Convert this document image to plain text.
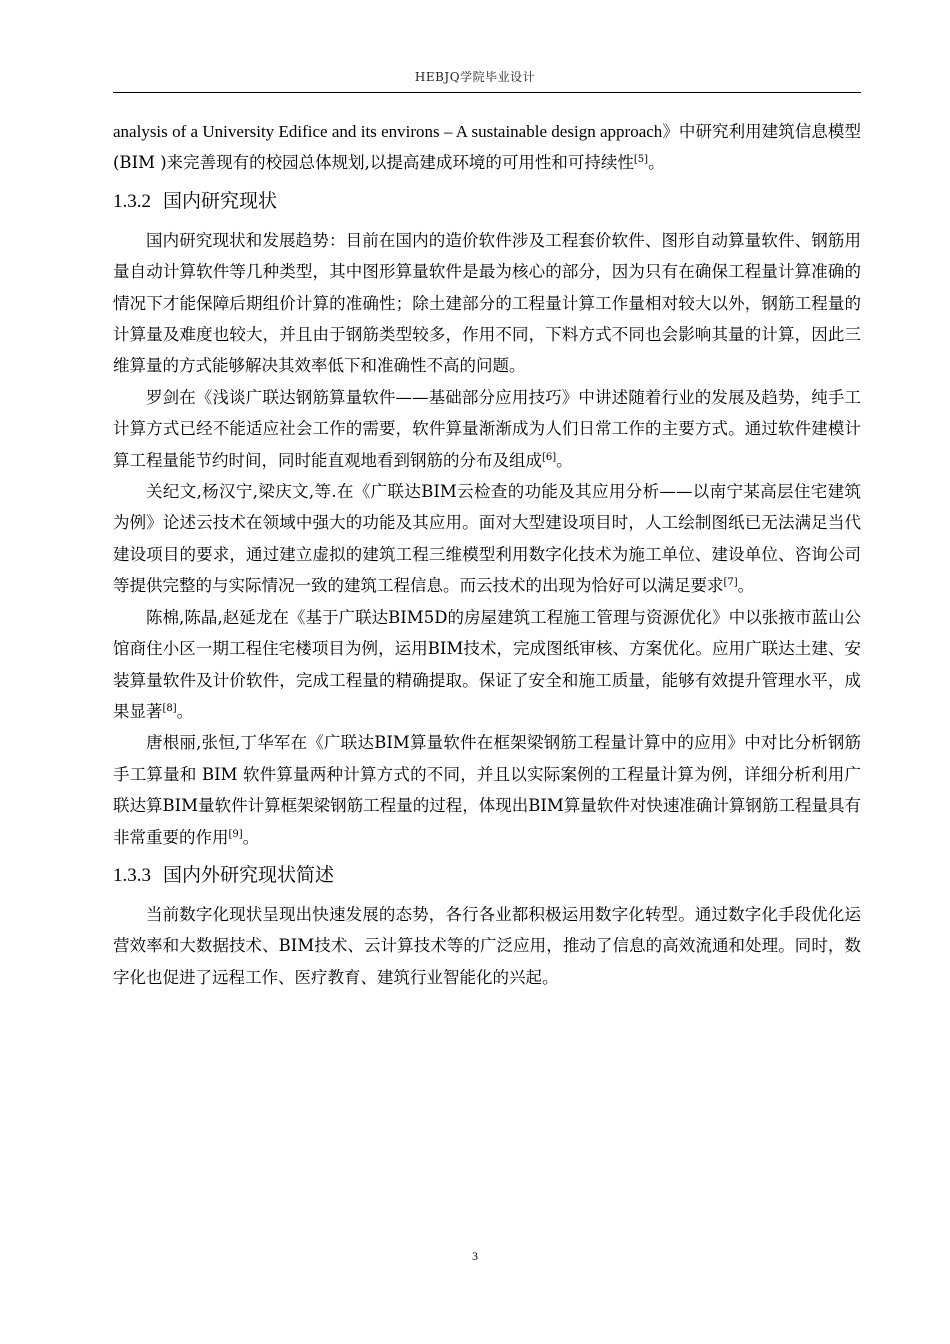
HEBJQ学院毕业设计

analysis of a University Edifice and its environs – A sustainable design approach》中研究利用建筑信息模型(BIM )来完善现有的校园总体规划,以提高建成环境的可用性和可持续性[5]。

1.3.2 国内研究现状

国内研究现状和发展趋势：目前在国内的造价软件涉及工程套价软件、图形自动算量软件、钢筋用量自动计算软件等几种类型，其中图形算量软件是最为核心的部分，因为只有在确保工程量计算准确的情况下才能保障后期组价计算的准确性；除土建部分的工程量计算工作量相对较大以外，钢筋工程量的计算量及难度也较大，并且由于钢筋类型较多，作用不同，下料方式不同也会影响其量的计算，因此三维算量的方式能够解决其效率低下和准确性不高的问题。

罗剑在《浅谈广联达钢筋算量软件——基础部分应用技巧》中讲述随着行业的发展及趋势，纯手工计算方式已经不能适应社会工作的需要，软件算量渐渐成为人们日常工作的主要方式。通过软件建模计算工程量能节约时间，同时能直观地看到钢筋的分布及组成[6]。

关纪文,杨汉宁,梁庆文,等.在《广联达BIM云检查的功能及其应用分析——以南宁某高层住宅建筑为例》论述云技术在领域中强大的功能及其应用。面对大型建设项目时，人工绘制图纸已无法满足当代建设项目的要求，通过建立虚拟的建筑工程三维模型利用数字化技术为施工单位、建设单位、咨询公司等提供完整的与实际情况一致的建筑工程信息。而云技术的出现为恰好可以满足要求[7]。

陈棉,陈晶,赵延龙在《基于广联达BIM5D的房屋建筑工程施工管理与资源优化》中以张掖市蓝山公馆商住小区一期工程住宅楼项目为例，运用BIM技术，完成图纸审核、方案优化。应用广联达土建、安装算量软件及计价软件，完成工程量的精确提取。保证了安全和施工质量，能够有效提升管理水平，成果显著[8]。

唐根丽,张恒,丁华军在《广联达BIM算量软件在框架梁钢筋工程量计算中的应用》中对比分析钢筋手工算量和 BIM 软件算量两种计算方式的不同，并且以实际案例的工程量计算为例，详细分析利用广联达算BIM量软件计算框架梁钢筋工程量的过程，体现出BIM算量软件对快速准确计算钢筋工程量具有非常重要的作用[9]。

1.3.3 国内外研究现状简述

当前数字化现状呈现出快速发展的态势，各行各业都积极运用数字化转型。通过数字化手段优化运营效率和大数据技术、BIM技术、云计算技术等的广泛应用，推动了信息的高效流通和处理。同时，数字化也促进了远程工作、医疗教育、建筑行业智能化的兴起。

3
